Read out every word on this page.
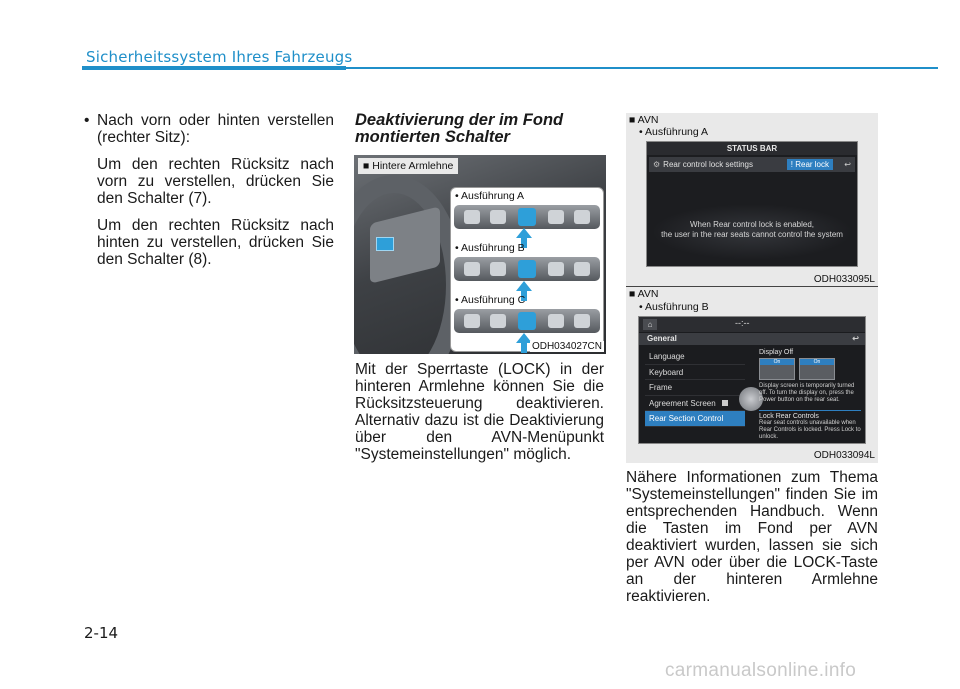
Sicherheitssystem Ihres Fahrzeugs
• Nach vorn oder hinten verstellen (rechter Sitz):

Um den rechten Rücksitz nach vorn zu verstellen, drücken Sie den Schalter (7).

Um den rechten Rücksitz nach hinten zu verstellen, drücken Sie den Schalter (8).

Deaktivierung der im Fond montierten Schalter
■ Hintere Armlehne
• Ausführung A
• Ausführung B
• Ausführung C
ODH034027CN

Mit der Sperrtaste (LOCK) in der hinteren Armlehne können Sie die Rücksitzsteuerung deaktivieren. Alternativ dazu ist die Deaktivierung über den AVN-Menüpunkt "Systemeinstellungen" möglich.

■ AVN
• Ausführung A
STATUS BAR
⚙ Rear control lock settings	! Rear lock	↩
When Rear control lock is enabled,
the user in the rear seats cannot control the system
ODH033095L
■ AVN
• Ausführung B
⌂	--:--
General	↩
Language
Keyboard
Frame
Agreement Screen
Rear Section Control
Display Off
On	On
Display screen is temporarily turned off. To turn the display on, press the Power button on the rear seat.
Lock Rear Controls
Rear seat controls unavailable when Rear Controls is locked. Press Lock to unlock.
ODH033094L

Nähere Informationen zum Thema "Systemeinstellungen" finden Sie im entsprechenden Handbuch. Wenn die Tasten im Fond per AVN deaktiviert wurden, lassen sie sich per AVN oder über die LOCK-Taste an der hinteren Armlehne reaktivieren.

2-14
carmanualsonline.info
